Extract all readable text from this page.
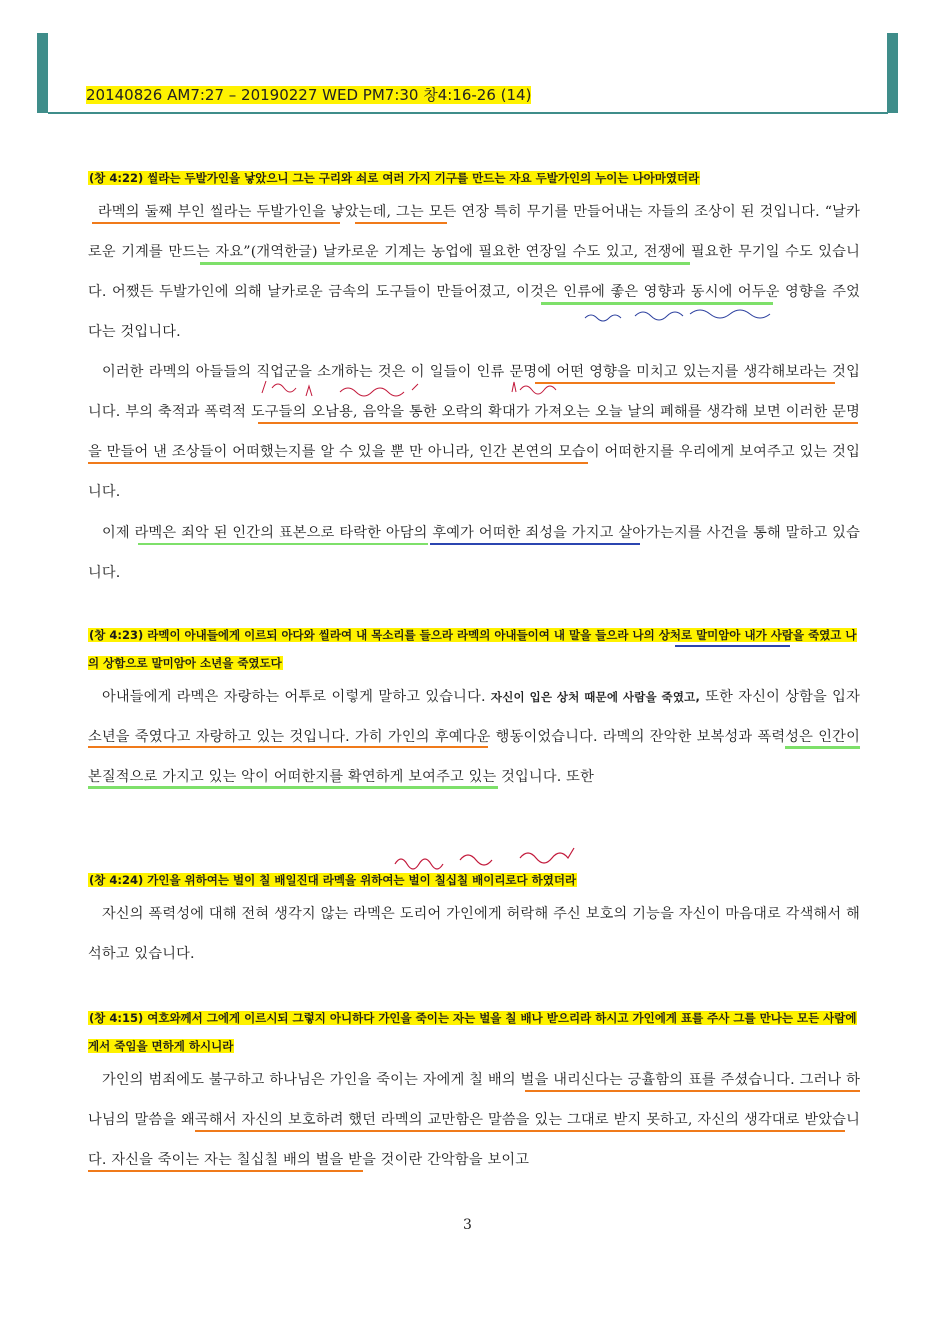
20140826 AM7:27 – 20190227 WED PM7:30 창4:16-26 (14)
(창 4:22) 씰라는 두발가인을 낳았으니 그는 구리와 쇠로 여러 가지 기구를 만드는 자요 두발가인의 누이는 나아마였더라
라멕의 둘째 부인 씰라는 두발가인을 낳았는데, 그는 모든 연장 특히 무기를 만들어내는 자들의 조상이 된 것입니다. “날카로운 기계를 만드는 자요”(개역한글) 날카로운 기계는 농업에 필요한 연장일 수도 있고, 전쟁에 필요한 무기일 수도 있습니다. 어쨌든 두발가인에 의해 날카로운 금속의 도구들이 만들어졌고, 이것은 인류에 좋은 영향과 동시에 어두운 영향을 주었다는 것입니다.
이러한 라멕의 아들들의 직업군을 소개하는 것은 이 일들이 인류 문명에 어떤 영향을 미치고 있는지를 생각해보라는 것입니다. 부의 축적과 폭력적 도구들의 오남용, 음악을 통한 오락의 확대가 가져오는 오늘 날의 폐해를 생각해 보면 이러한 문명을 만들어 낸 조상들이 어떠했는지를 알 수 있을 뿐 만 아니라, 인간 본연의 모습이 어떠한지를 우리에게 보여주고 있는 것입니다.
이제 라멕은 죄악 된 인간의 표본으로 타락한 아담의 후예가 어떠한 죄성을 가지고 살아가는지를 사건을 통해 말하고 있습니다.
(창 4:23) 라멕이 아내들에게 이르되 아다와 씰라여 내 목소리를 들으라 라멕의 아내들이여 내 말을 들으라 나의 상처로 말미암아 내가 사람을 죽였고 나의 상함으로 말미암아 소년을 죽였도다
아내들에게 라멕은 자랑하는 어투로 이렇게 말하고 있습니다. 자신이 입은 상처 때문에 사람을 죽였고, 또한 자신이 상함을 입자 소년을 죽였다고 자랑하고 있는 것입니다. 가히 가인의 후예다운 행동이었습니다. 라멕의 잔악한 보복성과 폭력성은 인간이 본질적으로 가지고 있는 악이 어떠한지를 확연하게 보여주고 있는 것입니다. 또한
(창 4:24) 가인을 위하여는 벌이 칠 배일진대 라멕을 위하여는 벌이 칠십칠 배이리로다 하였더라
자신의 폭력성에 대해 전혀 생각지 않는 라멕은 도리어 가인에게 허락해 주신 보호의 기능을 자신이 마음대로 각색해서 해석하고 있습니다.
(창 4:15) 여호와께서 그에게 이르시되 그렇지 아니하다 가인을 죽이는 자는 벌을 칠 배나 받으리라 하시고 가인에게 표를 주사 그를 만나는 모든 사람에게서 죽임을 면하게 하시니라
가인의 범죄에도 불구하고 하나님은 가인을 죽이는 자에게 칠 배의 벌을 내리신다는 긍휼함의 표를 주셨습니다. 그러나 하나님의 말씀을 왜곡해서 자신의 보호하려 했던 라멕의 교만함은 말씀을 있는 그대로 받지 못하고, 자신의 생각대로 받았습니다. 자신을 죽이는 자는 칠십칠 배의 벌을 받을 것이란 간악함을 보이고
3
